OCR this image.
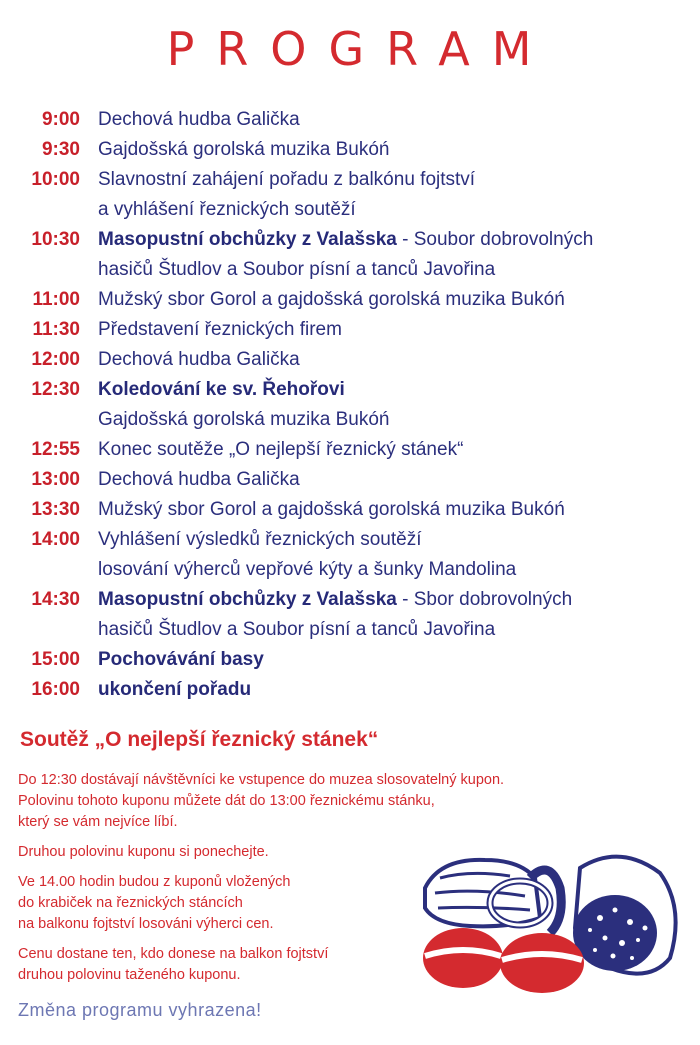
PROGRAM
9:00 Dechová hudba Galička
9:30 Gajdošská gorolská muzika Bukóń
10:00 Slavnostní zahájení pořadu z balkónu fojtství
a vyhlášení řeznických soutěží
10:30 Masopustní obchůzky z Valašska - Soubor dobrovolných
hasičů Študlov a Soubor písní a tanců Javořina
11:00 Mužský sbor Gorol a gajdošská gorolská muzika Bukóń
11:30 Představení řeznických firem
12:00 Dechová hudba Galička
12:30 Koledování ke sv. Řehořovi
Gajdošská gorolská muzika Bukóń
12:55 Konec soutěže „O nejlepší řeznický stánek“
13:00 Dechová hudba Galička
13:30 Mužský sbor Gorol a gajdošská gorolská muzika Bukóń
14:00 Vyhlášení výsledků řeznických soutěží
losování výherců vepřové kýty a šunky Mandolina
14:30 Masopustní obchůzky z Valašska - Sbor dobrovolných
hasičů Študlov a Soubor písní a tanců Javořina
15:00 Pochovávání basy
16:00 ukončení pořadu
Soutěž „O nejlepší řeznický stánek“

Do 12:30 dostávají návštěvníci ke vstupence do muzea slosovatelný kupon.
Polovinu tohoto kuponu můžete dát do 13:00 řeznickému stánku,
který se vám nejvíce líbí.

Druhou polovinu kuponu si ponechejte.

Ve 14.00 hodin budou z kuponů vložených
do krabiček na řeznických stáncích
na balkonu fojtství losováni výherci cen.

Cenu dostane ten, kdo donese na balkon fojtství
druhou polovinu taženého kuponu.

Změna programu vyhrazena!
